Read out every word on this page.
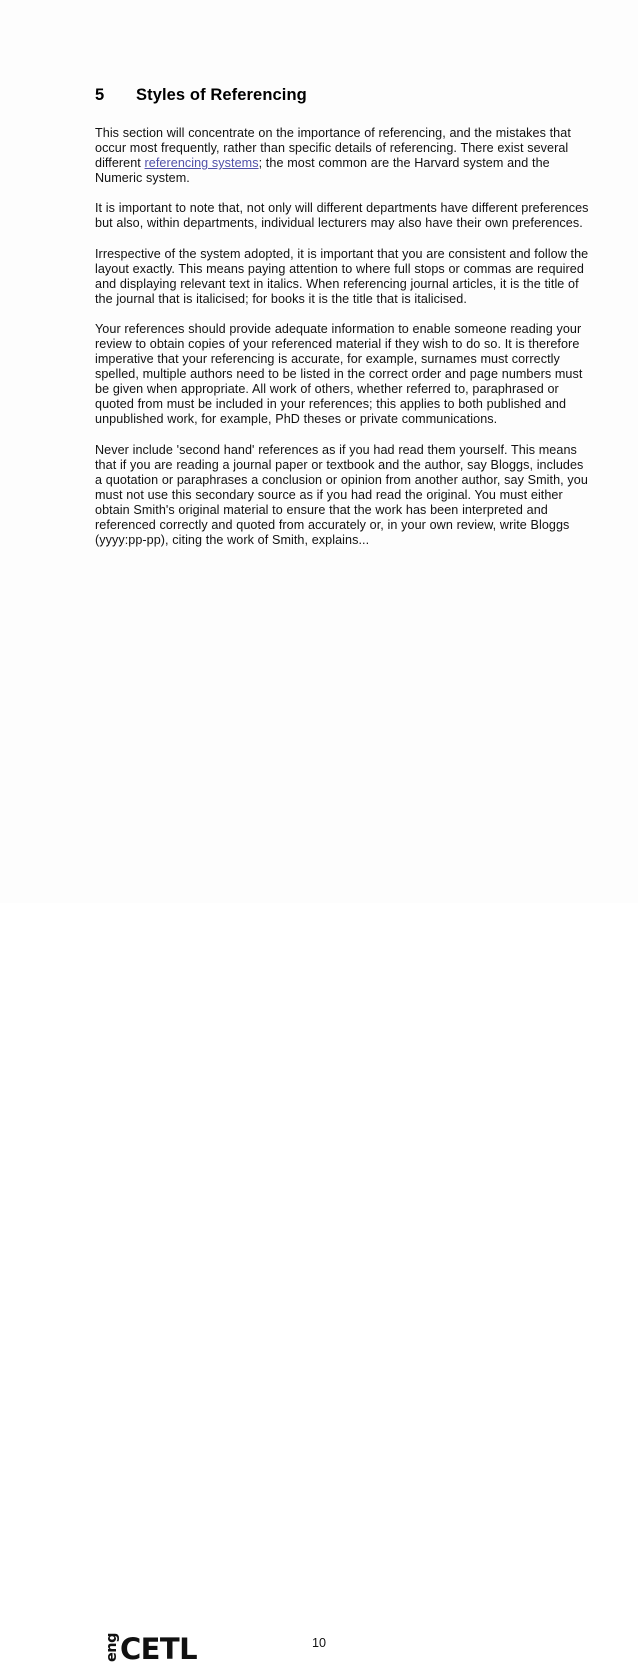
5	Styles of Referencing

This section will concentrate on the importance of referencing, and the mistakes that occur most frequently, rather than specific details of referencing. There exist several different referencing systems; the most common are the Harvard system and the Numeric system.

It is important to note that, not only will different departments have different preferences but also, within departments, individual lecturers may also have their own preferences.

Irrespective of the system adopted, it is important that you are consistent and follow the layout exactly. This means paying attention to where full stops or commas are required and displaying relevant text in italics. When referencing journal articles, it is the title of the journal that is italicised; for books it is the title that is italicised.

Your references should provide adequate information to enable someone reading your review to obtain copies of your referenced material if they wish to do so. It is therefore imperative that your referencing is accurate, for example, surnames must correctly spelled, multiple authors need to be listed in the correct order and page numbers must be given when appropriate. All work of others, whether referred to, paraphrased or quoted from must be included in your references; this applies to both published and unpublished work, for example, PhD theses or private communications.

Never include 'second hand' references as if you had read them yourself. This means that if you are reading a journal paper or textbook and the author, say Bloggs, includes a quotation or paraphrases a conclusion or opinion from another author, say Smith, you must not use this secondary source as if you had read the original. You must either obtain Smith's original material to ensure that the work has been interpreted and referenced correctly and quoted from accurately or, in your own review, write Bloggs (yyyy:pp-pp), citing the work of Smith, explains...

eng CETL	10
